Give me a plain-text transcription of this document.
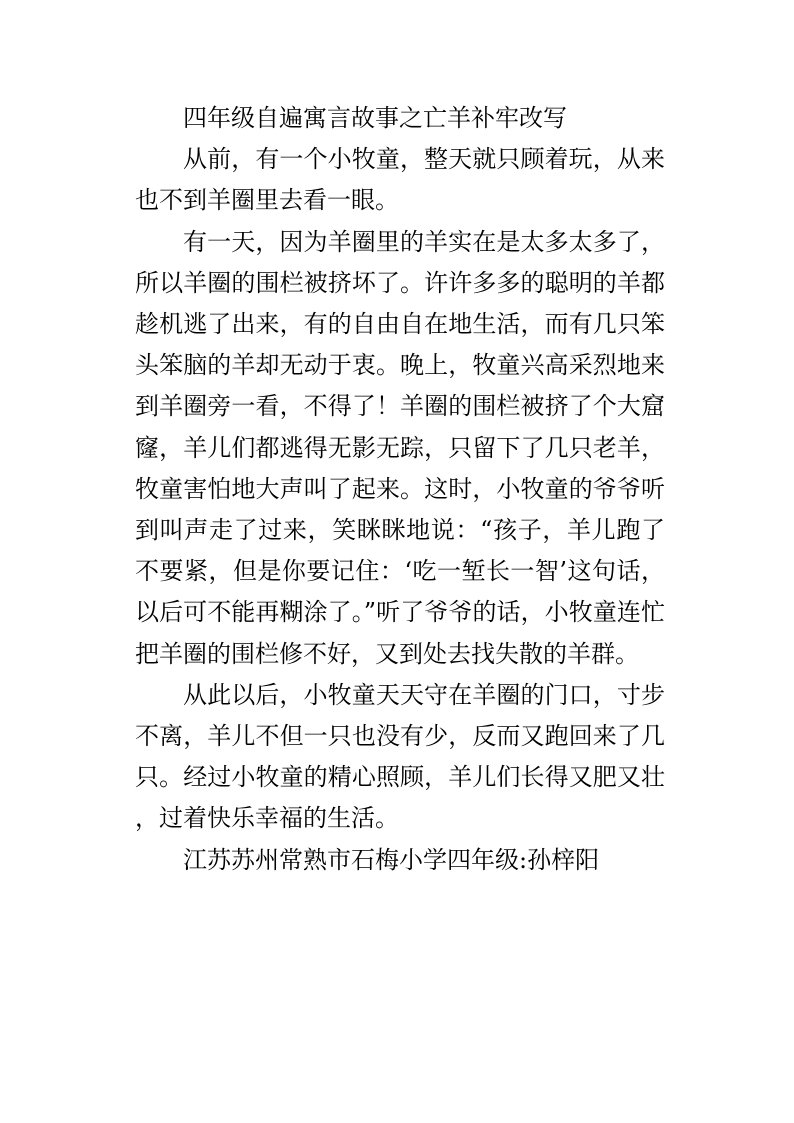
四年级自遍寓言故事之亡羊补牢改写

从前，有一个小牧童，整天就只顾着玩，从来也不到羊圈里去看一眼。

有一天，因为羊圈里的羊实在是太多太多了，所以羊圈的围栏被挤坏了。许许多多的聪明的羊都趁机逃了出来，有的自由自在地生活，而有几只笨头笨脑的羊却无动于衷。晚上，牧童兴高采烈地来到羊圈旁一看，不得了！羊圈的围栏被挤了个大窟窿，羊儿们都逃得无影无踪，只留下了几只老羊，牧童害怕地大声叫了起来。这时，小牧童的爷爷听到叫声走了过来，笑眯眯地说：“孩子，羊儿跑了不要紧，但是你要记住：‘吃一堑长一智’这句话，以后可不能再糊涂了。”听了爷爷的话，小牧童连忙把羊圈的围栏修不好，又到处去找失散的羊群。

从此以后，小牧童天天守在羊圈的门口，寸步不离，羊儿不但一只也没有少，反而又跑回来了几只。经过小牧童的精心照顾，羊儿们长得又肥又壮，过着快乐幸福的生活。

江苏苏州常熟市石梅小学四年级:孙梓阳
